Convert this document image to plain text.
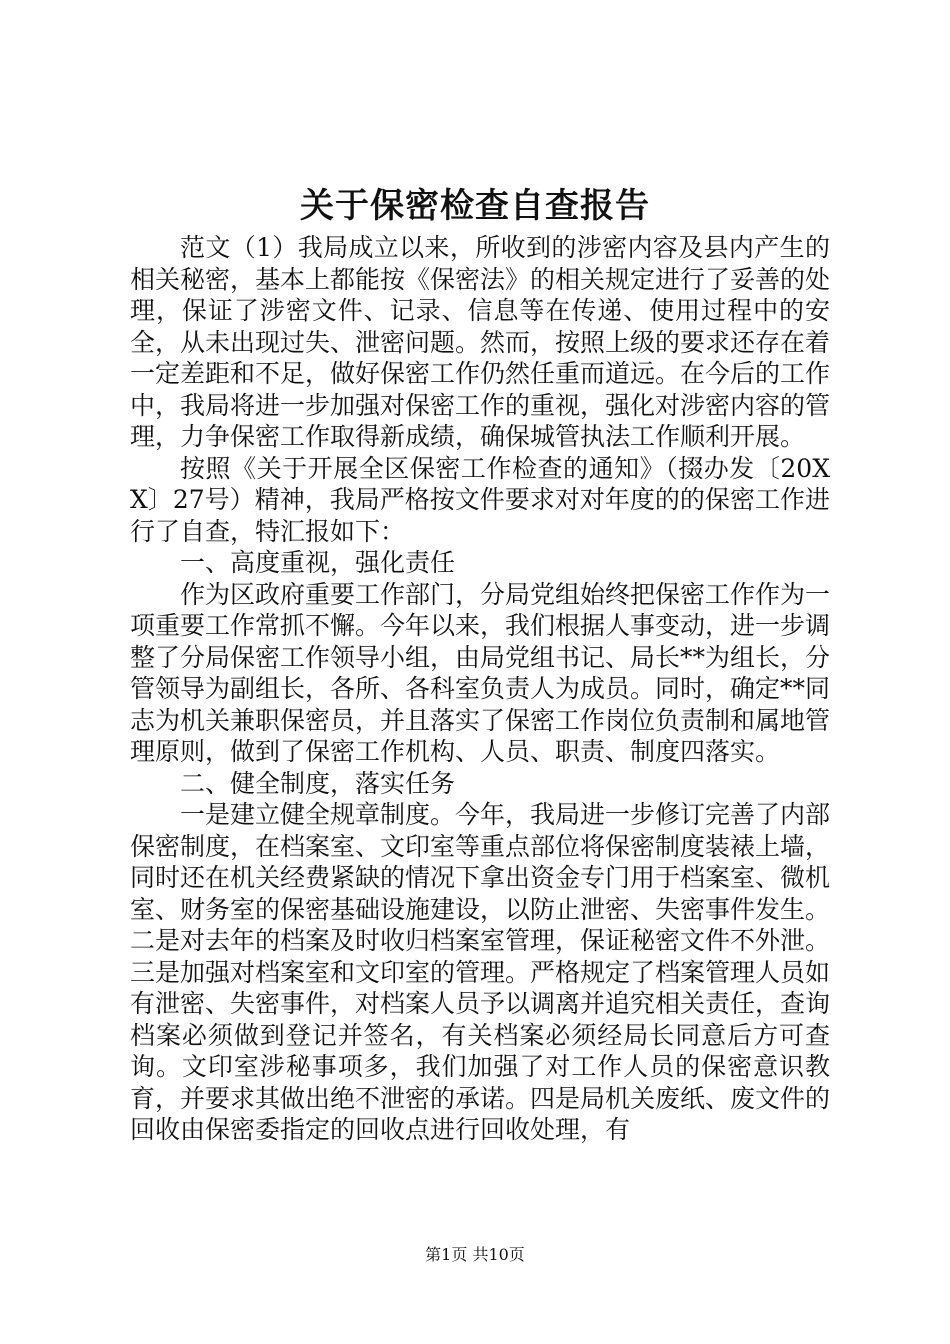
关于保密检查自查报告

范文（1）我局成立以来，所收到的涉密内容及县内产生的相关秘密，基本上都能按《保密法》的相关规定进行了妥善的处理，保证了涉密文件、记录、信息等在传递、使用过程中的安全，从未出现过失、泄密问题。然而，按照上级的要求还存在着一定差距和不足，做好保密工作仍然任重而道远。在今后的工作中，我局将进一步加强对保密工作的重视，强化对涉密内容的管理，力争保密工作取得新成绩，确保城管执法工作顺利开展。

按照《关于开展全区保密工作检查的通知》（掇办发〔20XX〕27号）精神，我局严格按文件要求对对年度的的保密工作进行了自查，特汇报如下：

一、高度重视，强化责任

作为区政府重要工作部门，分局党组始终把保密工作作为一项重要工作常抓不懈。今年以来，我们根据人事变动，进一步调整了分局保密工作领导小组，由局党组书记、局长**为组长，分管领导为副组长，各所、各科室负责人为成员。同时，确定**同志为机关兼职保密员，并且落实了保密工作岗位负责制和属地管理原则，做到了保密工作机构、人员、职责、制度四落实。

二、健全制度，落实任务

一是建立健全规章制度。今年，我局进一步修订完善了内部保密制度，在档案室、文印室等重点部位将保密制度装裱上墙，同时还在机关经费紧缺的情况下拿出资金专门用于档案室、微机室、财务室的保密基础设施建设，以防止泄密、失密事件发生。二是对去年的档案及时收归档案室管理，保证秘密文件不外泄。三是加强对档案室和文印室的管理。严格规定了档案管理人员如有泄密、失密事件，对档案人员予以调离并追究相关责任，查询档案必须做到登记并签名，有关档案必须经局长同意后方可查询。文印室涉秘事项多，我们加强了对工作人员的保密意识教育，并要求其做出绝不泄密的承诺。四是局机关废纸、废文件的回收由保密委指定的回收点进行回收处理，有

第1页 共10页
